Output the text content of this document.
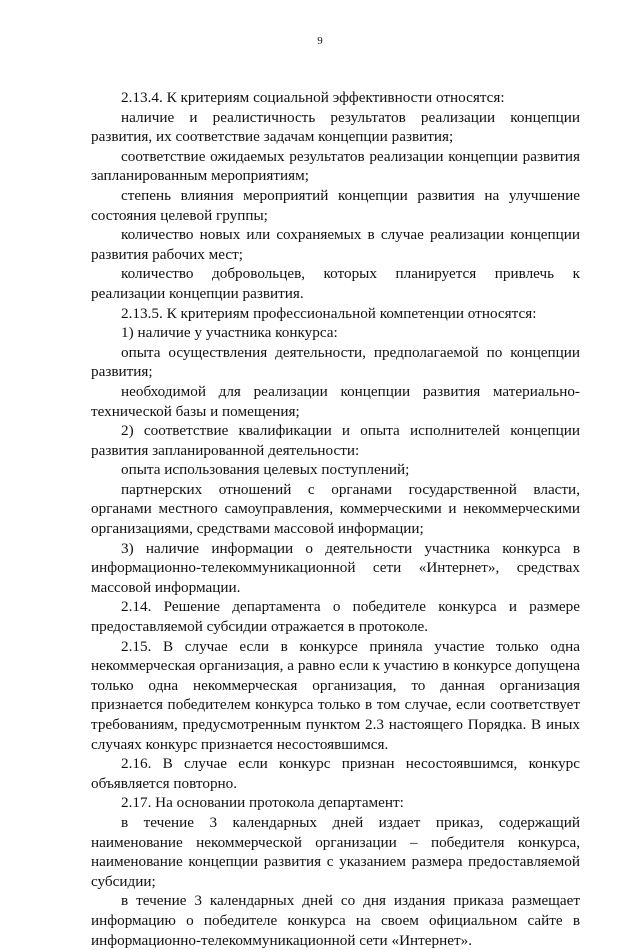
9

2.13.4. К критериям социальной эффективности относятся:

наличие и реалистичность результатов реализации концепции развития, их соответствие задачам концепции развития;

соответствие ожидаемых результатов реализации концепции развития запланированным мероприятиям;

степень влияния мероприятий концепции развития на улучшение состояния целевой группы;

количество новых или сохраняемых в случае реализации концепции развития рабочих мест;

количество добровольцев, которых планируется привлечь к реализации концепции развития.

2.13.5. К критериям профессиональной компетенции относятся:

1) наличие у участника конкурса:

опыта осуществления деятельности, предполагаемой по концепции развития;

необходимой для реализации концепции развития материально-технической базы и помещения;

2) соответствие квалификации и опыта исполнителей концепции развития запланированной деятельности:

опыта использования целевых поступлений;

партнерских отношений с органами государственной власти, органами местного самоуправления, коммерческими и некоммерческими организациями, средствами массовой информации;

3) наличие информации о деятельности участника конкурса в информационно-телекоммуникационной сети «Интернет», средствах массовой информации.

2.14. Решение департамента о победителе конкурса и размере предоставляемой субсидии отражается в протоколе.

2.15. В случае если в конкурсе приняла участие только одна некоммерческая организация, а равно если к участию в конкурсе допущена только одна некоммерческая организация, то данная организация признается победителем конкурса только в том случае, если соответствует требованиям, предусмотренным пунктом 2.3 настоящего Порядка. В иных случаях конкурс признается несостоявшимся.

2.16. В случае если конкурс признан несостоявшимся, конкурс объявляется повторно.

2.17. На основании протокола департамент:

в течение 3 календарных дней издает приказ, содержащий наименование некоммерческой организации – победителя конкурса, наименование концепции развития с указанием размера предоставляемой субсидии;

в течение 3 календарных дней со дня издания приказа размещает информацию о победителе конкурса на своем официальном сайте в информационно-телекоммуникационной сети «Интернет».
